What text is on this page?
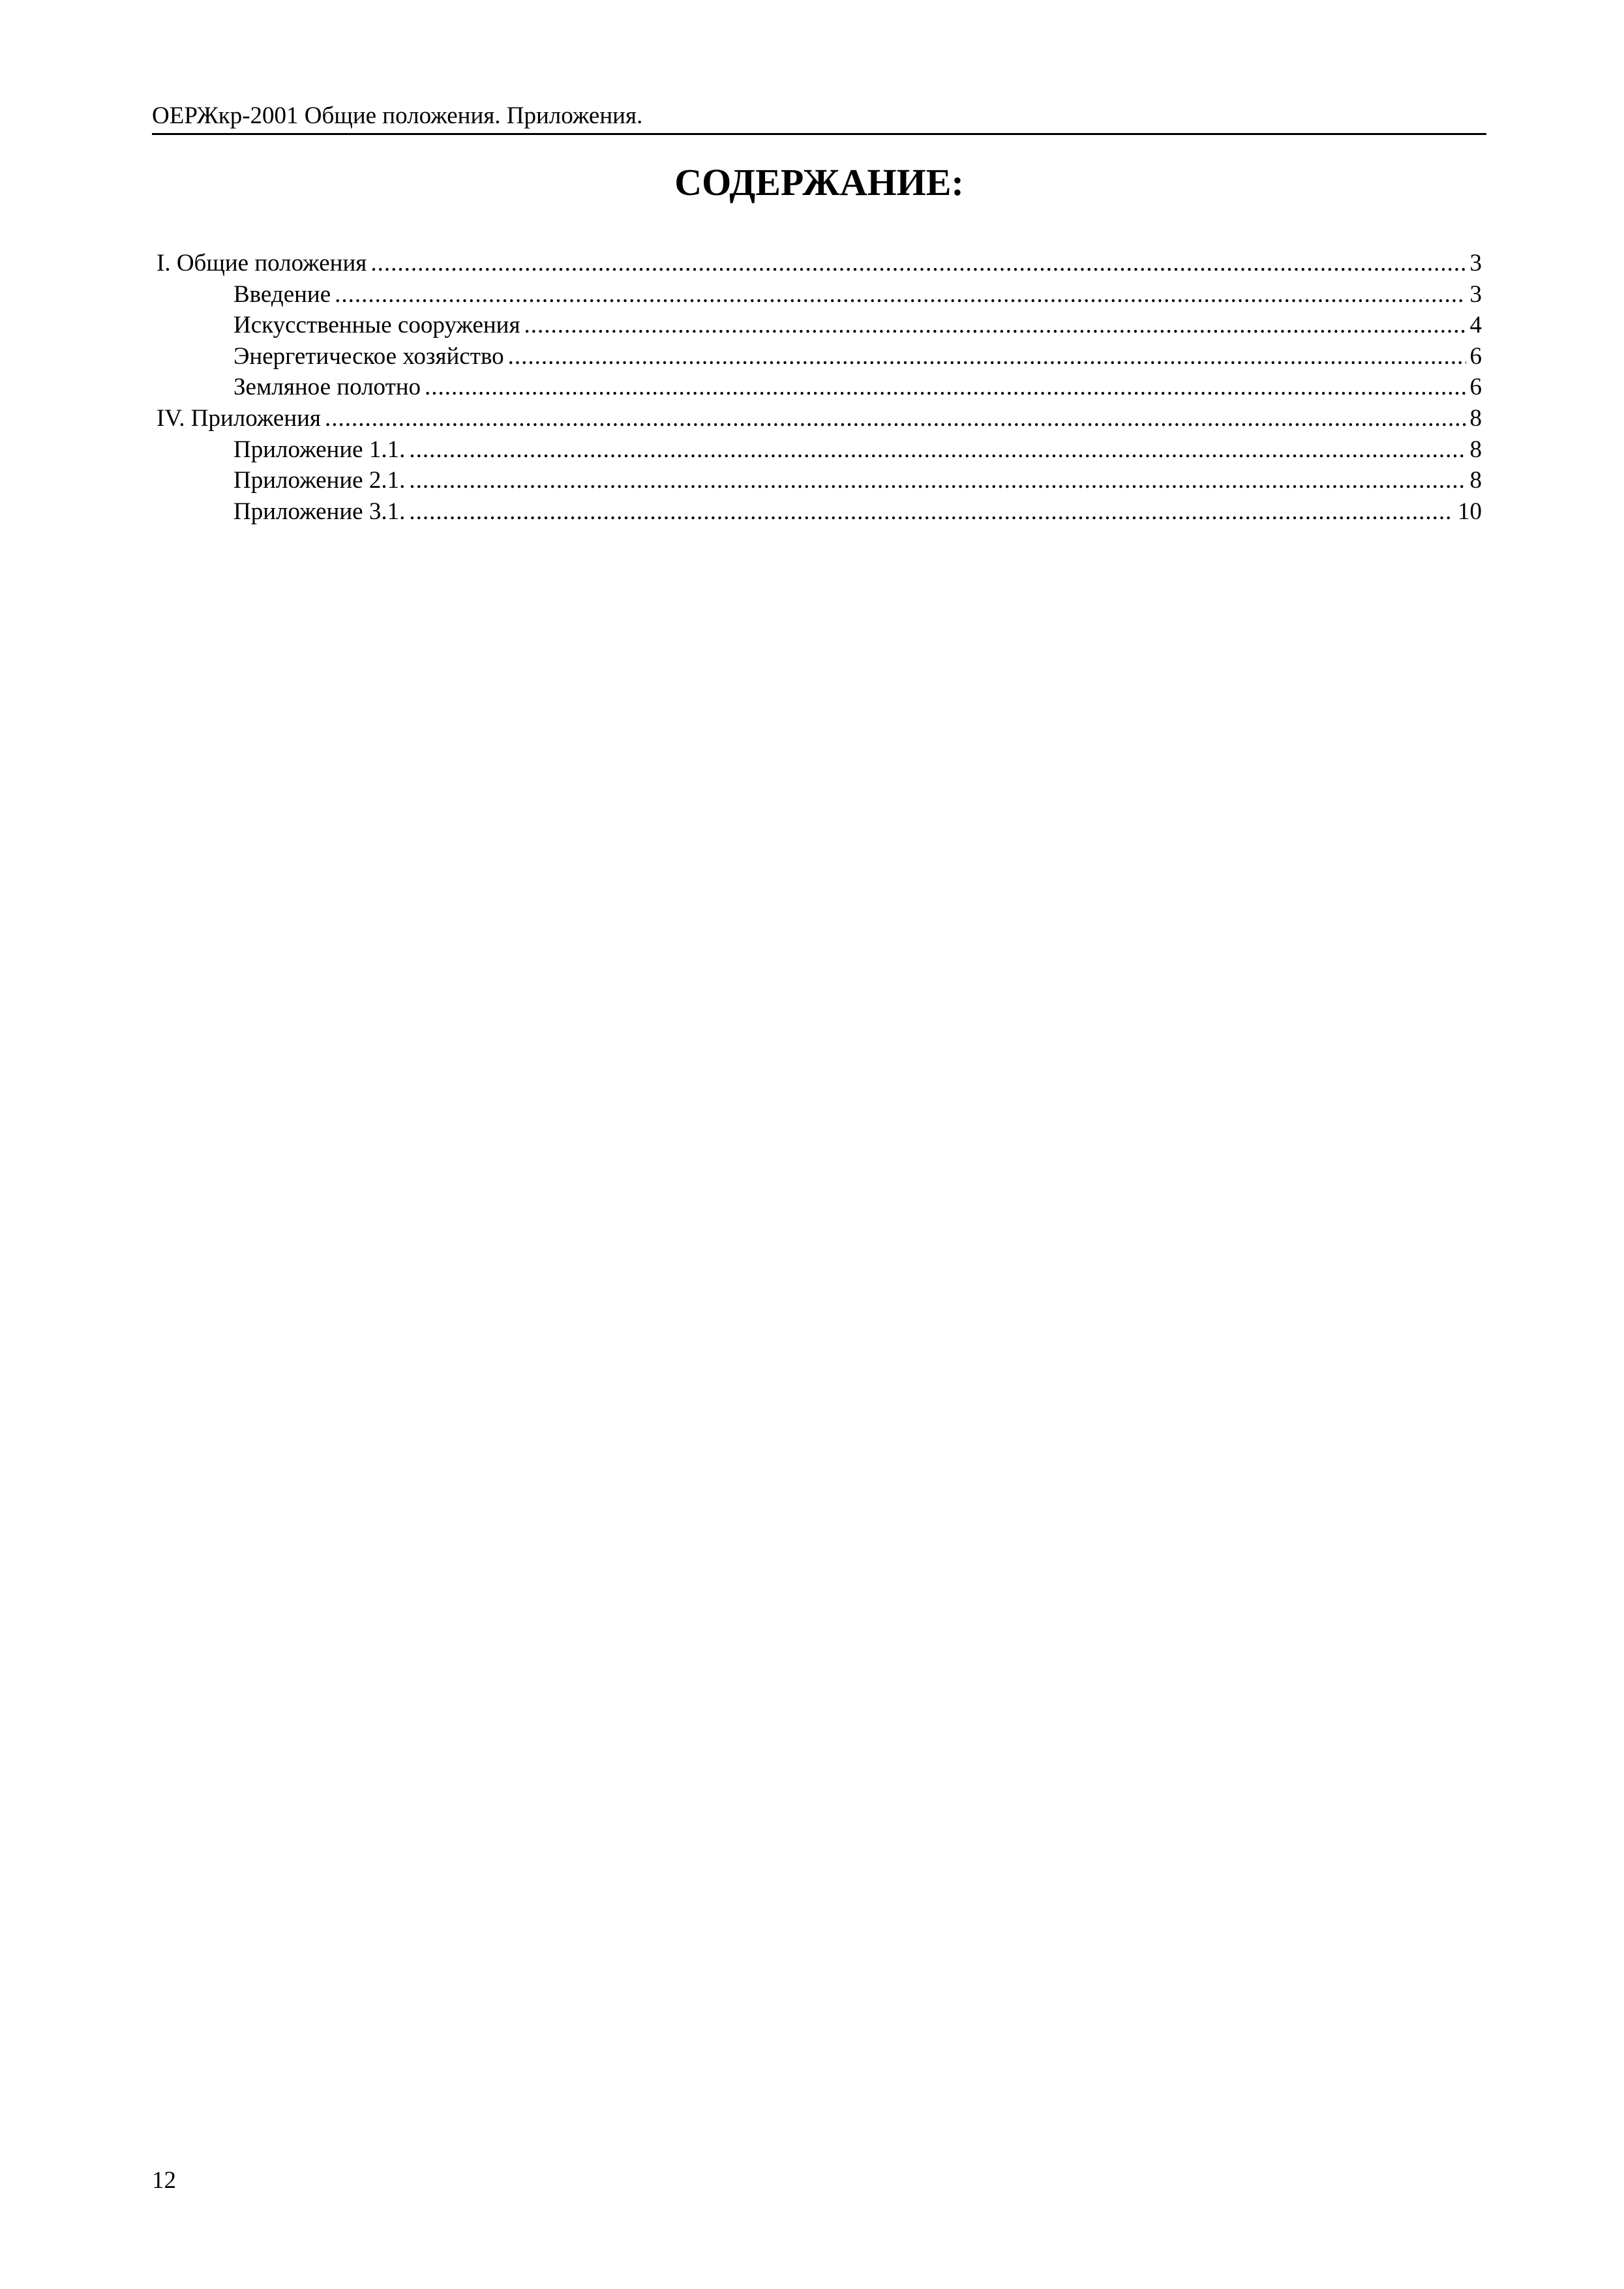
ОЕРЖкр-2001 Общие положения. Приложения.
СОДЕРЖАНИЕ:
I. Общие положения .....	3
Введение .....	3
Искусственные сооружения .....	4
Энергетическое хозяйство .....	6
Земляное полотно .....	6
IV. Приложения .....	8
Приложение 1.1. .....	8
Приложение 2.1. .....	8
Приложение 3.1. .....	10
12
